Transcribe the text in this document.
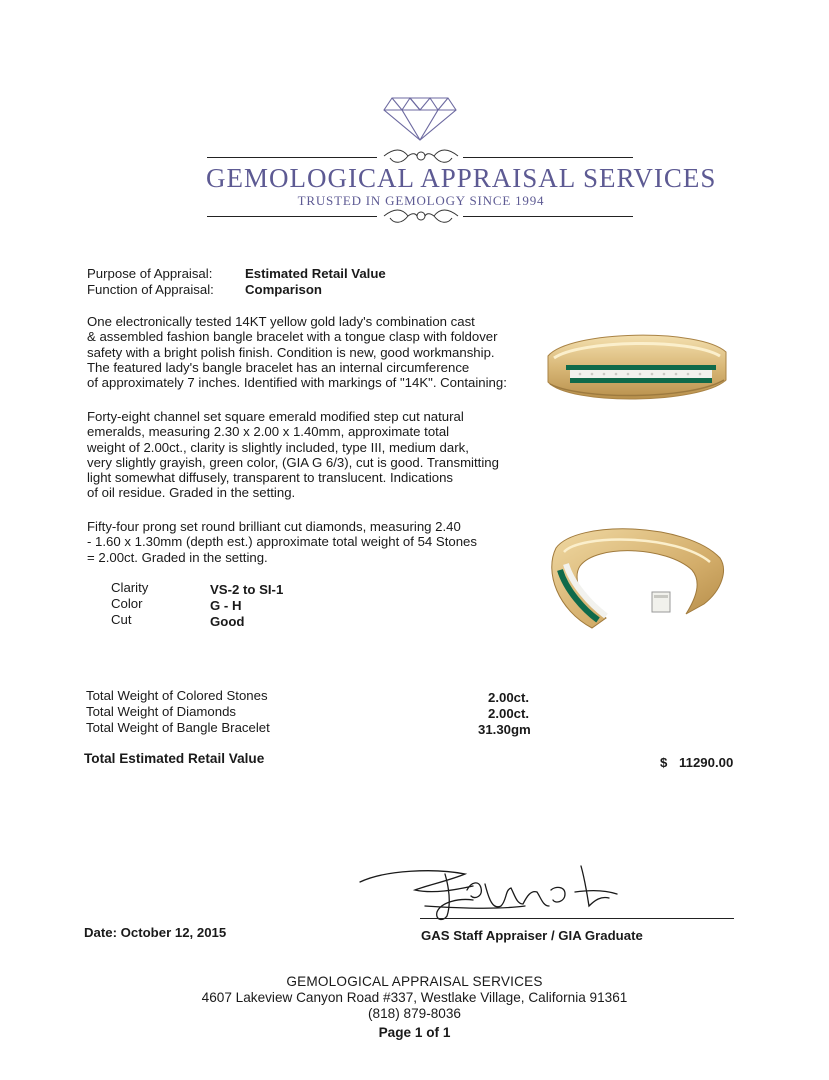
GEMOLOGICAL APPRAISAL SERVICES
TRUSTED IN GEMOLOGY SINCE 1994
Purpose of Appraisal: Estimated Retail Value
Function of Appraisal: Comparison
One electronically tested 14KT yellow gold lady's combination cast
& assembled fashion bangle bracelet with a tongue clasp with foldover
safety with a bright polish finish. Condition is new, good workmanship.
The featured lady's bangle bracelet has an internal circumference
of approximately 7 inches. Identified with markings of "14K". Containing:
Forty-eight channel set square emerald modified step cut natural
emeralds, measuring 2.30 x 2.00 x 1.40mm, approximate total
weight of 2.00ct., clarity is slightly included, type III, medium dark,
very slightly grayish, green color, (GIA G 6/3), cut is good. Transmitting
light somewhat diffusely, transparent to translucent. Indications
of oil residue. Graded in the setting.
Fifty-four prong set round brilliant cut diamonds, measuring 2.40
- 1.60 x 1.30mm (depth est.) approximate total weight of 54 Stones
= 2.00ct. Graded in the setting.
Clarity	VS-2 to SI-1
Color	G - H
Cut	Good
Total Weight of Colored Stones	2.00ct.
Total Weight of Diamonds	2.00ct.
Total Weight of Bangle Bracelet	31.30gm
Total Estimated Retail Value	$ 11290.00
Date: October 12, 2015	GAS Staff Appraiser / GIA Graduate
GEMOLOGICAL APPRAISAL SERVICES
4607 Lakeview Canyon Road #337, Westlake Village, California 91361
(818) 879-8036
Page 1 of 1
